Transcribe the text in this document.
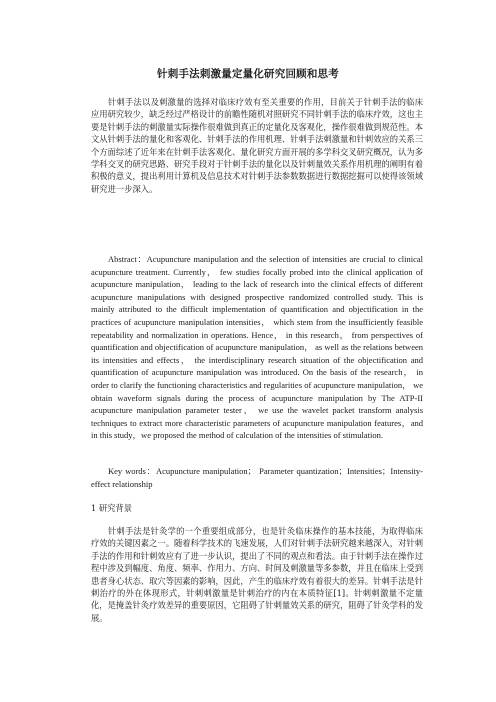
针刺手法刺激量定量化研究回顾和思考
针刺手法以及刺激量的选择对临床疗效有至关重要的作用，目前关于针刺手法的临床应用研究较少，缺乏经过严格设计的前瞻性随机对照研究不同针刺手法的临床疗效，这也主要是针刺手法的刺激量实际操作很难做到真正的定量化及客观化，操作很难做到规范性。本文从针刺手法的量化和客观化、针刺手法的作用机理、针刺手法刺激量和针刺效应的关系三个方面综述了近年来在针刺手法客观化、量化研究方面开展的多学科交叉研究概况，认为多学科交叉的研究思路、研究手段对于针刺手法的量化以及针刺量效关系作用机理的阐明有着积极的意义，提出利用计算机及信息技术对针刺手法参数数据进行数据挖掘可以使得该领域研究进一步深入。
Abstract：Acupuncture manipulation and the selection of intensities are crucial to clinical acupuncture treatment. Currently， few studies focally probed into the clinical application of acupuncture manipulation， leading to the lack of research into the clinical effects of different acupuncture manipulations with designed prospective randomized controlled study. This is mainly attributed to the difficult implementation of quantification and objectification in the practices of acupuncture manipulation intensities， which stem from the insufficiently feasible repeatability and normalization in operations. Hence， in this research， from perspectives of quantification and objectification of acupuncture manipulation， as well as the relations between its intensities and effects， the interdisciplinary research situation of the objectification and quantification of acupuncture manipulation was introduced. On the basis of the research， in order to clarify the functioning characteristics and regularities of acupuncture manipulation， we obtain waveform signals during the process of acupuncture manipulation by The ATP-II acupuncture manipulation parameter tester， we use the wavelet packet transform analysis techniques to extract more characteristic parameters of acupuncture manipulation features，and in this study，we proposed the method of calculation of the intensities of stimulation.
Key words：Acupuncture manipulation； Parameter quantization；Intensities；Intensity-effect relationship
1 研究背景
针刺手法是针灸学的一个重要组成部分，也是针灸临床操作的基本技能，为取得临床疗效的关键因素之一。随着科学技术的飞速发展，人们对针刺手法研究越来越深入，对针刺手法的作用和针刺效应有了进一步认识，提出了不同的观点和看法。由于针刺手法在操作过程中涉及到幅度、角度、频率、作用力、方向、时间及刺激量等多参数，并且在临床上受到患者身心状态、取穴等因素的影响，因此，产生的临床疗效有着很大的差异。针刺手法是针刺治疗的外在体现形式，针刺刺激量是针刺治疗的内在本质特征[1]。针刺刺激量不定量化，是掩盖针灸疗效差异的重要原因，它阻碍了针刺量效关系的研究，阻碍了针灸学科的发展。
